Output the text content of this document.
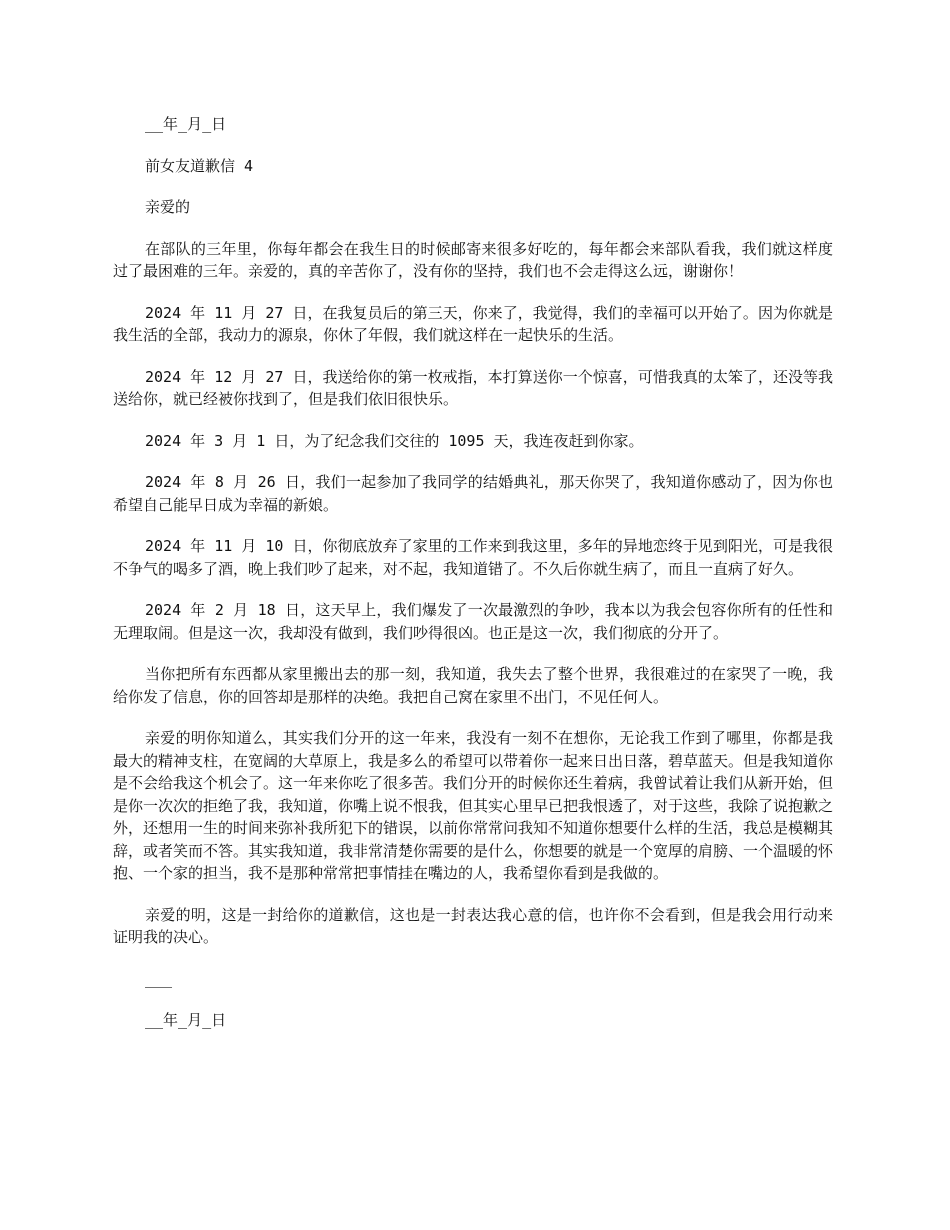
__年_月_日
前女友道歉信 4
亲爱的

在部队的三年里，你每年都会在我生日的时候邮寄来很多好吃的，每年都会来部队看我，我们就这样度过了最困难的三年。亲爱的，真的辛苦你了，没有你的坚持，我们也不会走得这么远，谢谢你！

2024 年 11 月 27 日，在我复员后的第三天，你来了，我觉得，我们的幸福可以开始了。因为你就是我生活的全部，我动力的源泉，你休了年假，我们就这样在一起快乐的生活。

2024 年 12 月 27 日，我送给你的第一枚戒指，本打算送你一个惊喜，可惜我真的太笨了，还没等我送给你，就已经被你找到了，但是我们依旧很快乐。

2024 年 3 月 1 日，为了纪念我们交往的 1095 天，我连夜赶到你家。

2024 年 8 月 26 日，我们一起参加了我同学的结婚典礼，那天你哭了，我知道你感动了，因为你也希望自己能早日成为幸福的新娘。

2024 年 11 月 10 日，你彻底放弃了家里的工作来到我这里，多年的异地恋终于见到阳光，可是我很不争气的喝多了酒，晚上我们吵了起来，对不起，我知道错了。不久后你就生病了，而且一直病了好久。

2024 年 2 月 18 日，这天早上，我们爆发了一次最激烈的争吵，我本以为我会包容你所有的任性和无理取闹。但是这一次，我却没有做到，我们吵得很凶。也正是这一次，我们彻底的分开了。

当你把所有东西都从家里搬出去的那一刻，我知道，我失去了整个世界，我很难过的在家哭了一晚，我给你发了信息，你的回答却是那样的决绝。我把自己窝在家里不出门，不见任何人。

亲爱的明你知道么，其实我们分开的这一年来，我没有一刻不在想你，无论我工作到了哪里，你都是我最大的精神支柱，在宽阔的大草原上，我是多么的希望可以带着你一起来日出日落，碧草蓝天。但是我知道你是不会给我这个机会了。这一年来你吃了很多苦。我们分开的时候你还生着病，我曾试着让我们从新开始，但是你一次次的拒绝了我，我知道，你嘴上说不恨我，但其实心里早已把我恨透了，对于这些，我除了说抱歉之外，还想用一生的时间来弥补我所犯下的错误，以前你常常问我知不知道你想要什么样的生活，我总是模糊其辞，或者笑而不答。其实我知道，我非常清楚你需要的是什么，你想要的就是一个宽厚的肩膀、一个温暖的怀抱、一个家的担当，我不是那种常常把事情挂在嘴边的人，我希望你看到是我做的。

亲爱的明，这是一封给你的道歉信，这也是一封表达我心意的信，也许你不会看到，但是我会用行动来证明我的决心。

___
__年_月_日
